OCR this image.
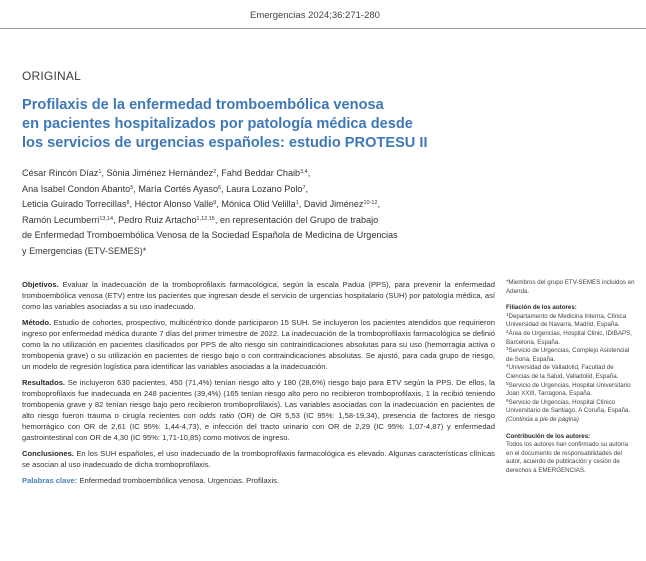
Emergencias 2024;36:271-280
ORIGINAL
Profilaxis de la enfermedad tromboembólica venosa
en pacientes hospitalizados por patología médica desde
los servicios de urgencias españoles: estudio PROTESU II
César Rincón Díaz$^1$, Sònia Jiménez Hernández$^2$, Fahd Beddar Chaib$^{3,4}$,
Ana Isabel Condon Abanto$^5$, María Cortés Ayaso$^6$, Laura Lozano Polo$^7$,
Leticia Guirado Torrecillas$^8$, Héctor Alonso Valle$^9$, Mónica Olid Velilla$^1$, David Jiménez$^{10-12}$,
Ramón Lecumberri$^{13,14}$, Pedro Ruiz Artacho$^{1,12,15}$, en representación del Grupo de trabajo
de Enfermedad Tromboembólica Venosa de la Sociedad Española de Medicina de Urgencias
y Emergencias (ETV-SEMES)*

Objetivos. Evaluar la inadecuación de la tromboprofilaxis farmacológica, según la escala Padua (PPS), para prevenir la enfermedad tromboembólica venosa (ETV) entre los pacientes que ingresan desde el servicio de urgencias hospitalario (SUH) por patología médica, así como las variables asociadas a su uso inadecuado.

Método. Estudio de cohortes, prospectivo, multicéntrico donde participaron 15 SUH. Se incluyeron los pacientes atendidos que requirieron ingreso por enfermedad médica durante 7 días del primer trimestre de 2022. La inadecuación de la tromboprofilaxis farmacológica se definió como la no utilización en pacientes clasificados por PPS de alto riesgo sin contraindicaciones absolutas para su uso (hemorragia activa o trombopenia grave) o su utilización en pacientes de riesgo bajo o con contraindicaciones absolutas. Se ajustó, para cada grupo de riesgo, un modelo de regresión logística para identificar las variables asociadas a la inadecuación.

Resultados. Se incluyeron 630 pacientes, 450 (71,4%) tenían riesgo alto y 180 (28,6%) riesgo bajo para ETV según la PPS. De ellos, la tromboprofilaxis fue inadecuada en 248 pacientes (39,4%) (165 tenían riesgo alto pero no recibieron tromboprofilaxis, 1 la recibió teniendo trombopenia grave y 82 tenían riesgo bajo pero recibieron tromboprofilaxis). Las variables asociadas con la inadecuación en pacientes de alto riesgo fueron trauma o cirugía recientes con odds ratio (OR) de OR 5,53 (IC 95%: 1,58-19,34), presencia de factores de riesgo hemorrágico con OR de 2,61 (IC 95%: 1,44-4,73), e infección del tracto urinario con OR de 2,29 (IC 95%: 1,07-4,87) y enfermedad gastrointestinal con OR de 4,30 (IC 95%: 1,71-10,85) como motivos de ingreso.

Conclusiones. En los SUH españoles, el uso inadecuado de la tromboprofilaxis farmacológica es elevado. Algunas características clínicas se asocian al uso inadecuado de dicha tromboprofilaxis.

Palabras clave: Enfermedad tromboembólica venosa. Urgencias. Profilaxis.

*Miembros del grupo ETV-SEMES incluidos en Adenda.
Filiación de los autores:
$^1$Departamento de Medicina Interna, Clínica Universidad de Navarra, Madrid, España.
$^2$Área de Urgencias, Hospital Clinic, IDIBAPS, Barcelona, España.
$^3$Servicio de Urgencias, Complejo Asistencial de Soria, España.
$^4$Universidad de Valladolid, Facultad de Ciencias de la Salud, Valladolid, España.
$^5$Servicio de Urgencias, Hospital Universitario Joan XXIII, Tarragona, España.
$^6$Servicio de Urgencias, Hospital Clínico Universitario de Santiago, A Coruña, España.
(Continúa a pie de página)
Contribución de los autores:
Todos los autores han confirmado su autoría en el documento de responsabilidades del autor, acuerdo de publicación y cesión de derechos a EMERGENCIAS.
